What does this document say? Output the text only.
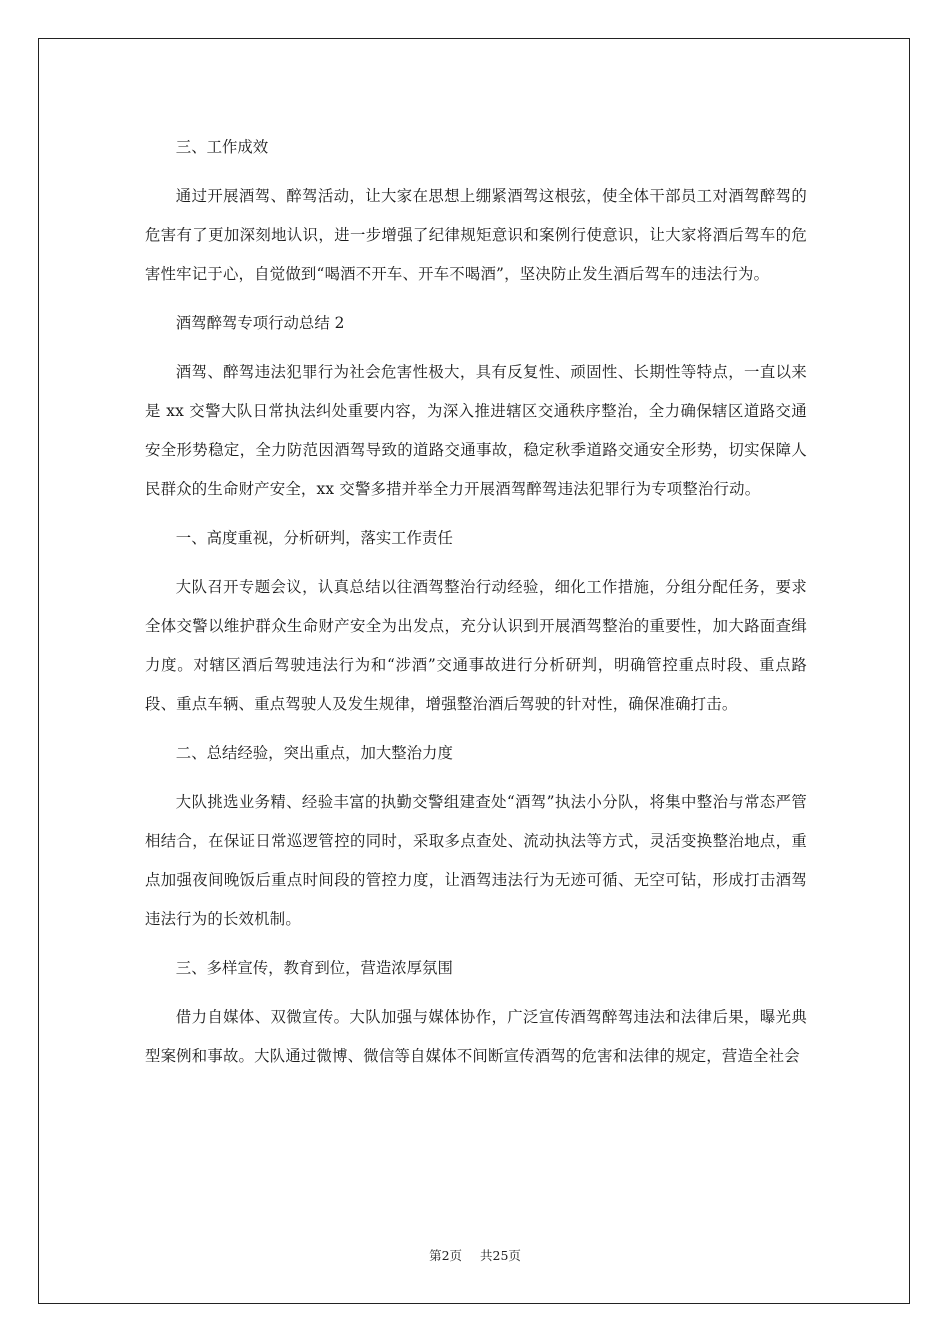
三、工作成效

通过开展酒驾、醉驾活动，让大家在思想上绷紧酒驾这根弦，使全体干部员工对酒驾醉驾的危害有了更加深刻地认识，进一步增强了纪律规矩意识和案例行使意识，让大家将酒后驾车的危害性牢记于心，自觉做到“喝酒不开车、开车不喝酒”，坚决防止发生酒后驾车的违法行为。

酒驾醉驾专项行动总结 2

酒驾、醉驾违法犯罪行为社会危害性极大，具有反复性、顽固性、长期性等特点，一直以来是 xx 交警大队日常执法纠处重要内容，为深入推进辖区交通秩序整治，全力确保辖区道路交通安全形势稳定，全力防范因酒驾导致的道路交通事故，稳定秋季道路交通安全形势，切实保障人民群众的生命财产安全，xx 交警多措并举全力开展酒驾醉驾违法犯罪行为专项整治行动。

一、高度重视，分析研判，落实工作责任

大队召开专题会议，认真总结以往酒驾整治行动经验，细化工作措施，分组分配任务，要求全体交警以维护群众生命财产安全为出发点，充分认识到开展酒驾整治的重要性，加大路面查缉力度。对辖区酒后驾驶违法行为和“涉酒”交通事故进行分析研判，明确管控重点时段、重点路段、重点车辆、重点驾驶人及发生规律，增强整治酒后驾驶的针对性，确保准确打击。

二、总结经验，突出重点，加大整治力度

大队挑选业务精、经验丰富的执勤交警组建查处“酒驾”执法小分队，将集中整治与常态严管相结合，在保证日常巡逻管控的同时，采取多点查处、流动执法等方式，灵活变换整治地点，重点加强夜间晚饭后重点时间段的管控力度，让酒驾违法行为无迹可循、无空可钻，形成打击酒驾违法行为的长效机制。

三、多样宣传，教育到位，营造浓厚氛围

借力自媒体、双微宣传。大队加强与媒体协作，广泛宣传酒驾醉驾违法和法律后果，曝光典型案例和事故。大队通过微博、微信等自媒体不间断宣传酒驾的危害和法律的规定，营造全社会

第2页 共25页
